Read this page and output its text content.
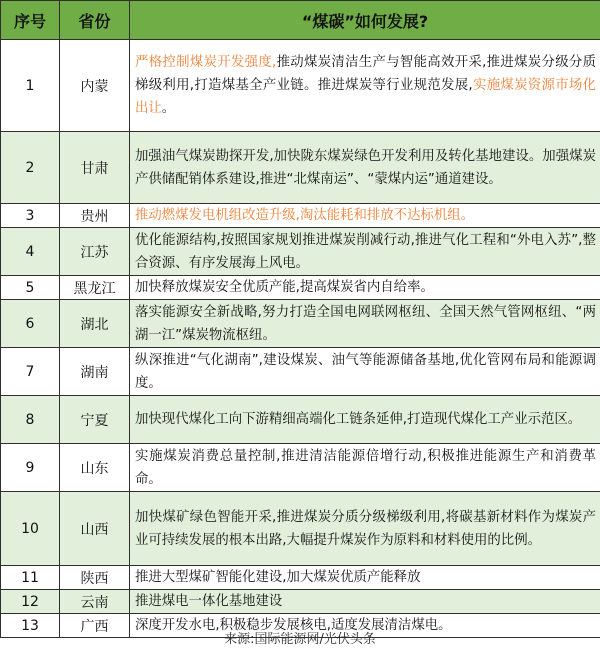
序号	省份	“煤碳”如何发展?
1	内蒙	严格控制煤炭开发强度,推动煤炭清洁生产与智能高效开采,推进煤炭分级分质梯级利用,打造煤基全产业链。推进煤炭等行业规范发展,实施煤炭资源市场化出让。
2	甘肃	加强油气煤炭勘探开发,加快陇东煤炭绿色开发利用及转化基地建设。加强煤炭产供储配销体系建设,推进“北煤南运”、“蒙煤内运”通道建设。
3	贵州	推动燃煤发电机组改造升级,淘汰能耗和排放不达标机组。
4	江苏	优化能源结构,按照国家规划推进煤炭削减行动,推进气化工程和“外电入苏”,整合资源、有序发展海上风电。
5	黑龙江	加快释放煤炭安全优质产能,提高煤炭省内自给率。
6	湖北	落实能源安全新战略,努力打造全国电网联网枢纽、全国天然气管网枢纽、“两湖一江”煤炭物流枢纽。
7	湖南	纵深推进“气化湖南”,建设煤炭、油气等能源储备基地,优化管网布局和能源调度。
8	宁夏	加快现代煤化工向下游精细高端化工链条延伸,打造现代煤化工产业示范区。
9	山东	实施煤炭消费总量控制,推进清洁能源倍增行动,积极推进能源生产和消费革命。
10	山西	加快煤矿绿色智能开采,推进煤炭分质分级梯级利用,将碳基新材料作为煤炭产业可持续发展的根本出路,大幅提升煤炭作为原料和材料使用的比例。
11	陕西	推进大型煤矿智能化建设,加大煤炭优质产能释放
12	云南	推进煤电一体化基地建设
13	广西	深度开发水电,积极稳步发展核电,适度发展清洁煤电。
来源:国际能源网/光伏头条
